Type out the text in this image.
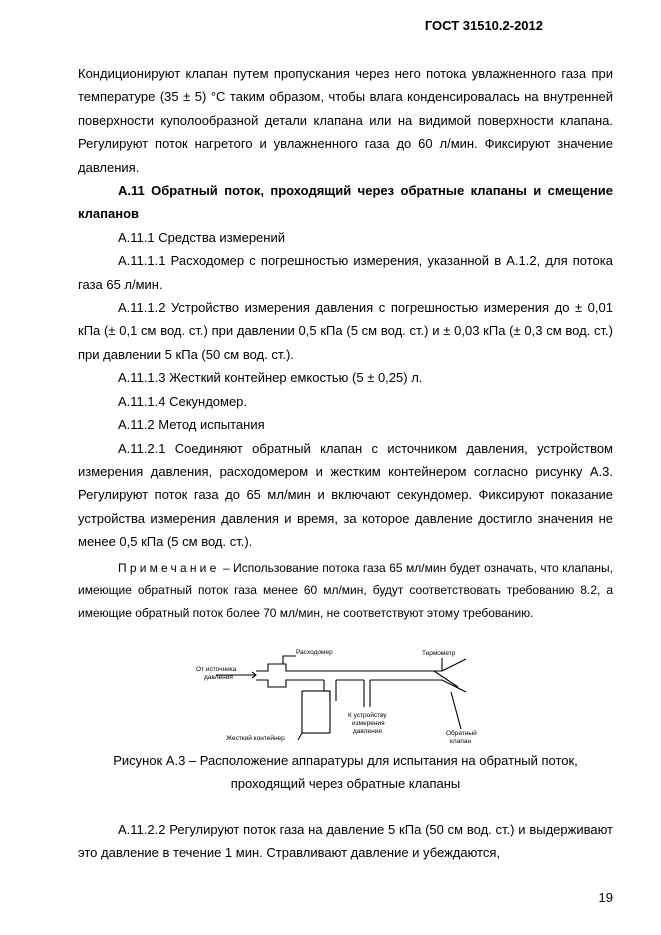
ГОСТ 31510.2-2012

Кондиционируют клапан путем пропускания через него потока увлажненного газа при температуре (35 ± 5) °С таким образом, чтобы влага конденсировалась на внутренней поверхности куполообразной детали клапана или на видимой поверхности клапана. Регулируют поток нагретого и увлажненного газа до 60 л/мин. Фиксируют значение давления.

А.11 Обратный поток, проходящий через обратные клапаны и смещение клапанов

А.11.1 Средства измерений

А.11.1.1 Расходомер с погрешностью измерения, указанной в А.1.2, для потока газа 65 л/мин.

А.11.1.2 Устройство измерения давления с погрешностью измерения до ± 0,01 кПа (± 0,1 см вод. ст.) при давлении 0,5 кПа (5 см вод. ст.) и ± 0,03 кПа (± 0,3 см вод. ст.) при давлении 5 кПа (50 см вод. ст.).

А.11.1.3 Жесткий контейнер емкостью (5 ± 0,25) л.

А.11.1.4 Секундомер.

А.11.2 Метод испытания

А.11.2.1 Соединяют обратный клапан с источником давления, устройством измерения давления, расходомером и жестким контейнером согласно рисунку А.3. Регулируют поток газа до 65 мл/мин и включают секундомер. Фиксируют показание устройства измерения давления и время, за которое давление достигло значения не менее 0,5 кПа (5 см вод. ст.).

Примечание – Использование потока газа 65 мл/мин будет означать, что клапаны, имеющие обратный поток газа менее 60 мл/мин, будут соответствовать требованию 8.2, а имеющие обратный поток более 70 мл/мин, не соответствуют этому требованию.

Расходомер	Термометр
От источника
давления
Жесткий контейнер
К устройству
измерения
давления	Обратный
клапан
Рисунок А.3 – Расположение аппаратуры для испытания на обратный поток,
проходящий через обратные клапаны

А.11.2.2 Регулируют поток газа на давление 5 кПа (50 см вод. ст.) и выдерживают это давление в течение 1 мин. Стравливают давление и убеждаются,

19
